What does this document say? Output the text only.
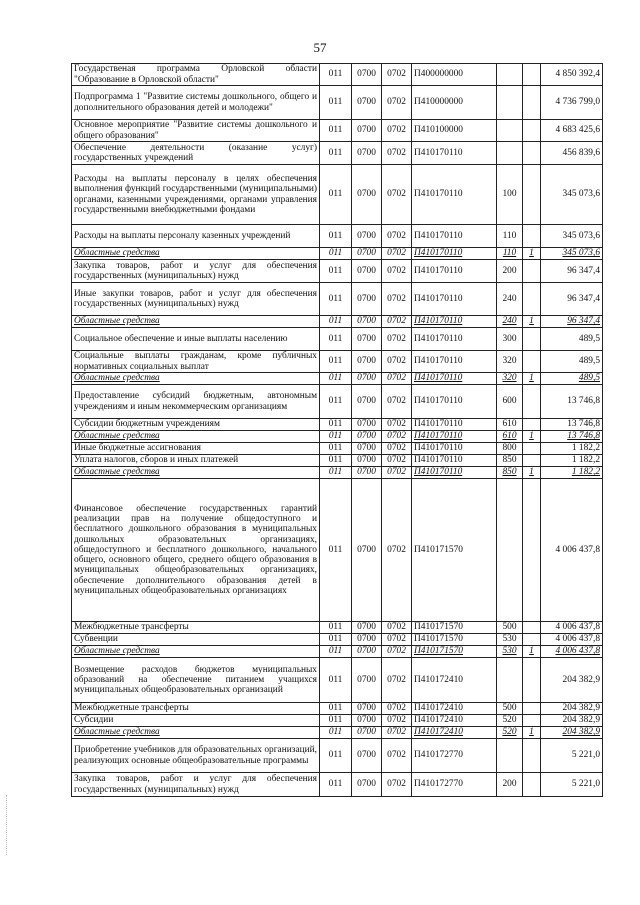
57
Государственая программа Орловской области "Образование в Орловской области"	011	0700	0702	П400000000			4 850 392,4
Подпрограмма 1 "Развитие системы дошкольного, общего и дополнительного образования детей и молодежи"	011	0700	0702	П410000000			4 736 799,0
Основное мероприятие "Развитие системы дошкольного и общего образования"	011	0700	0702	П410100000			4 683 425,6
Обеспечение деятельности (оказание услуг) государственных учреждений	011	0700	0702	П410170110			456 839,6
Расходы на выплаты персоналу в целях обеспечения выполнения функций государственными (муниципальными) органами, казенными учреждениями, органами управления государственными внебюджетными фондами	011	0700	0702	П410170110	100		345 073,6
Расходы на выплаты персоналу казенных учреждений	011	0700	0702	П410170110	110		345 073,6
Областные средства	011	0700	0702	П410170110	110	1	345 073,6
Закупка товаров, работ и услуг для обеспечения государственных (муниципальных) нужд	011	0700	0702	П410170110	200		96 347,4
Иные закупки товаров, работ и услуг для обеспечения государственных (муниципальных) нужд	011	0700	0702	П410170110	240		96 347,4
Областные средства	011	0700	0702	П410170110	240	1	96 347,4
Социальное обеспечение и иные выплаты населению	011	0700	0702	П410170110	300		489,5
Социальные выплаты гражданам, кроме публичных нормативных социальных выплат	011	0700	0702	П410170110	320		489,5
Областные средства	011	0700	0702	П410170110	320	1	489,5
Предоставление субсидий бюджетным, автономным учреждениям и иным некоммерческим организациям	011	0700	0702	П410170110	600		13 746,8
Субсидии бюджетным учреждениям	011	0700	0702	П410170110	610		13 746,8
Областные средства	011	0700	0702	П410170110	610	1	13 746,8
Иные бюджетные ассигнования	011	0700	0702	П410170110	800		1 182,2
Уплата налогов, сборов и иных платежей	011	0700	0702	П410170110	850		1 182,2
Областные средства	011	0700	0702	П410170110	850	1	1 182,2
Финансовое обеспечение государственных гарантий реализации прав на получение общедоступного и бесплатного дошкольного образования в муниципальных дошкольных образовательных организациях, общедоступного и бесплатного дошкольного, начального общего, основного общего, среднего общего образования в муниципальных общеобразовательных организациях, обеспечение дополнительного образования детей в муниципальных общеобразовательных организациях	011	0700	0702	П410171570			4 006 437,8
Межбюджетные трансферты	011	0700	0702	П410171570	500		4 006 437,8
Субвенции	011	0700	0702	П410171570	530		4 006 437,8
Областные средства	011	0700	0702	П410171570	530	1	4 006 437,8
Возмещение расходов бюджетов муниципальных образований на обеспечение питанием учащихся муниципальных общеобразовательных организаций	011	0700	0702	П410172410			204 382,9
Межбюджетные трансферты	011	0700	0702	П410172410	500		204 382,9
Субсидии	011	0700	0702	П410172410	520		204 382,9
Областные средства	011	0700	0702	П410172410	520	1	204 382,9
Приобретение учебников для образовательных организаций, реализующих основные общеобразовательные программы	011	0700	0702	П410172770			5 221,0
Закупка товаров, работ и услуг для обеспечения государственных (муниципальных) нужд	011	0700	0702	П410172770	200		5 221,0
